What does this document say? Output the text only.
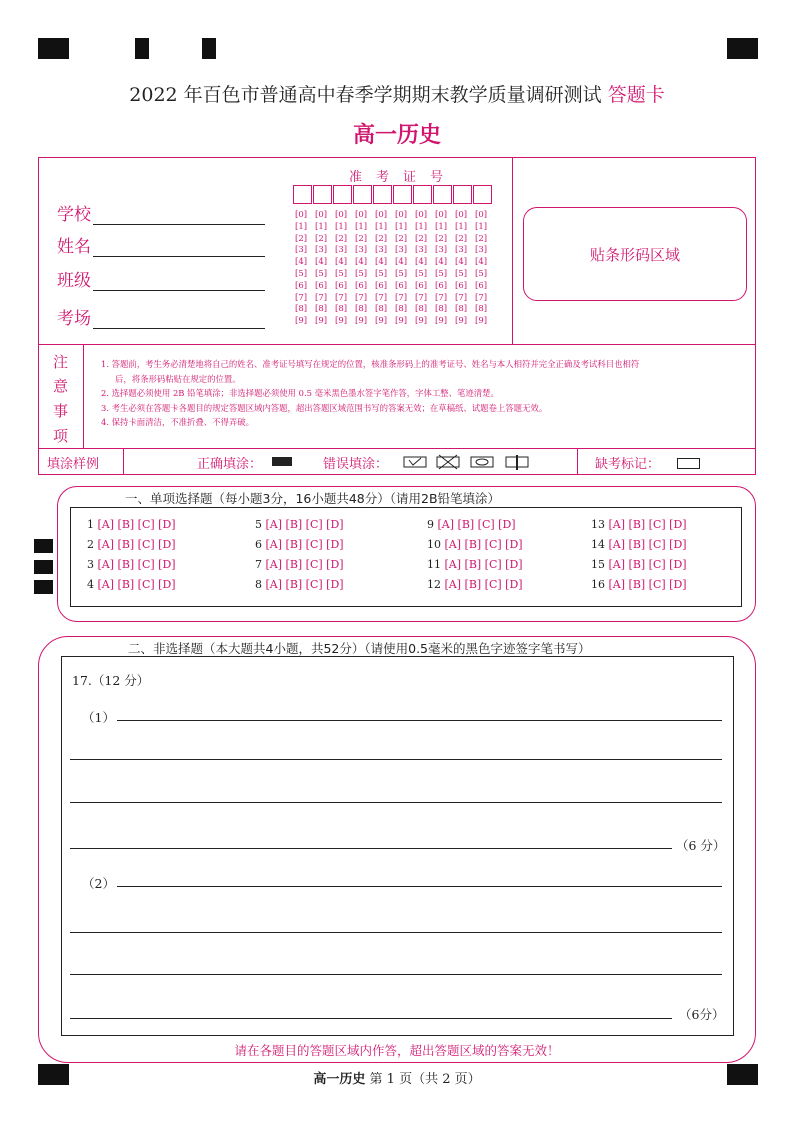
2022 年百色市普通高中春季学期期末教学质量调研测试 答题卡
高一历史
学校
姓名
班级
考场
准考证号
[0] [0] [0] [0] [0] [0] [0] [0] [0] [0]
[1] [1] [1] [1] [1] [1] [1] [1] [1] [1]
[2] [2] [2] [2] [2] [2] [2] [2] [2] [2]
[3] [3] [3] [3] [3] [3] [3] [3] [3] [3]
[4] [4] [4] [4] [4] [4] [4] [4] [4] [4]
[5] [5] [5] [5] [5] [5] [5] [5] [5] [5]
[6] [6] [6] [6] [6] [6] [6] [6] [6] [6]
[7] [7] [7] [7] [7] [7] [7] [7] [7] [7]
[8] [8] [8] [8] [8] [8] [8] [8] [8] [8]
[9] [9] [9] [9] [9] [9] [9] [9] [9] [9]
贴条形码区域
注
意
事
项

1. 答题前，考生务必清楚地将自己的姓名、准考证号填写在规定的位置，核准条形码上的准考证号、姓名与本人相符并完全正确及考试科目也相符

后，将条形码粘贴在规定的位置。

2. 选择题必须使用 2B 铅笔填涂；非选择题必须使用 0.5 毫米黑色墨水签字笔作答，字体工整、笔迹清楚。

3. 考生必须在答题卡各题目的规定答题区域内答题，超出答题区域范围书写的答案无效；在草稿纸、试题卷上答题无效。

4. 保持卡面清洁，不准折叠、不得弄破。

填涂样例	正确填涂：	错误填涂：	缺考标记：
一、单项选择题（每小题3分，16小题共48分）（请用2B铅笔填涂）
1 [A] [B] [C] [D]
2 [A] [B] [C] [D]
3 [A] [B] [C] [D]
4 [A] [B] [C] [D]
5 [A] [B] [C] [D]
6 [A] [B] [C] [D]
7 [A] [B] [C] [D]
8 [A] [B] [C] [D]
9 [A] [B] [C] [D]
10 [A] [B] [C] [D]
11 [A] [B] [C] [D]
12 [A] [B] [C] [D]
13 [A] [B] [C] [D]
14 [A] [B] [C] [D]
15 [A] [B] [C] [D]
16 [A] [B] [C] [D]
二、非选择题（本大题共4小题，共52分）（请使用0.5毫米的黑色字迹签字笔书写）
17.（12 分）
（1）
（6 分）
（2）
（6分）
请在各题目的答题区域内作答，超出答题区域的答案无效！
高一历史 第 1 页（共 2 页）
